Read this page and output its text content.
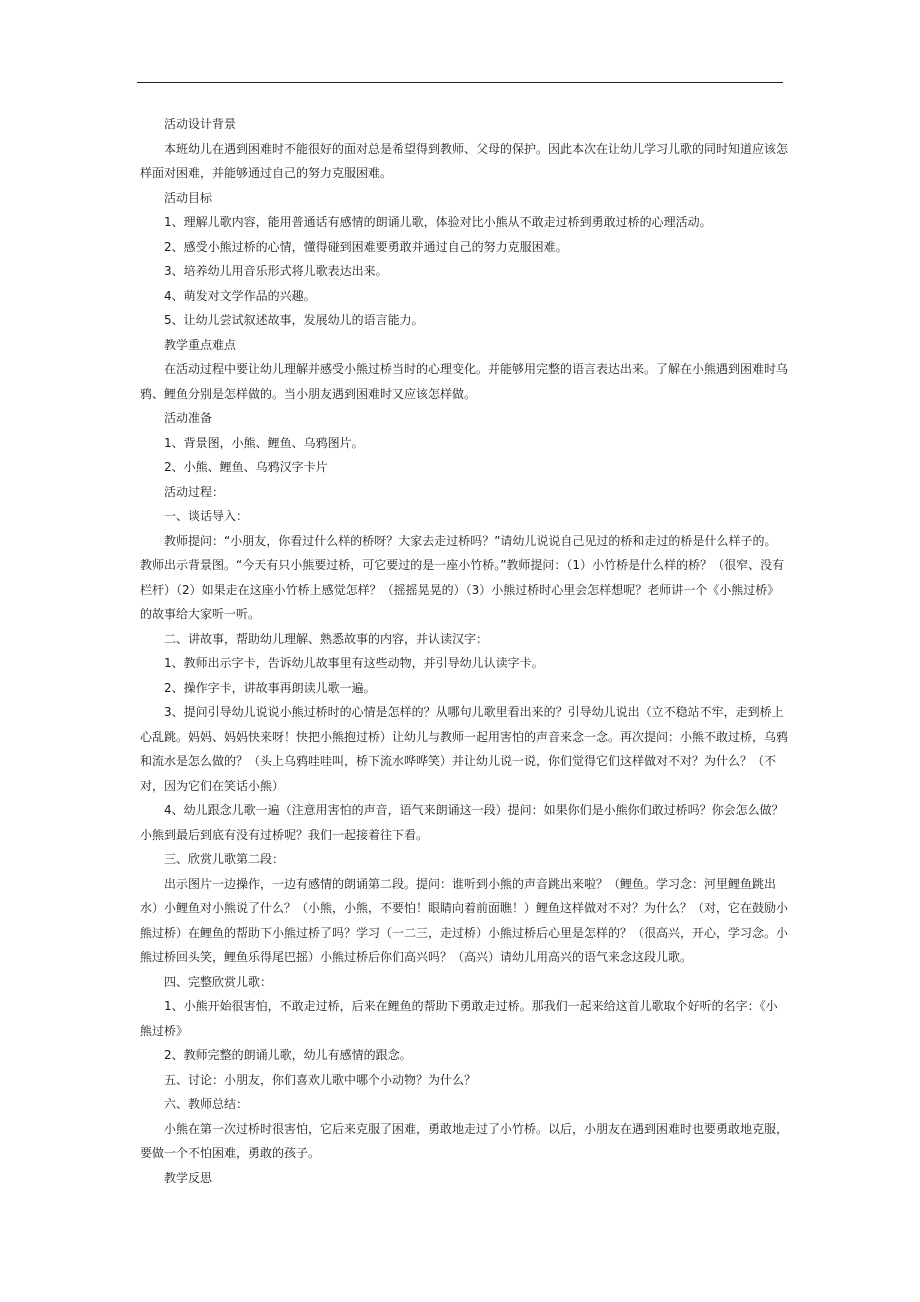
活动设计背景

本班幼儿在遇到困难时不能很好的面对总是希望得到教师、父母的保护。因此本次在让幼儿学习儿歌的同时知道应该怎样面对困难，并能够通过自己的努力克服困难。

活动目标

1、理解儿歌内容，能用普通话有感情的朗诵儿歌，体验对比小熊从不敢走过桥到勇敢过桥的心理活动。

2、感受小熊过桥的心情，懂得碰到困难要勇敢并通过自己的努力克服困难。

3、培养幼儿用音乐形式将儿歌表达出来。

4、萌发对文学作品的兴趣。

5、让幼儿尝试叙述故事，发展幼儿的语言能力。

教学重点难点

在活动过程中要让幼儿理解并感受小熊过桥当时的心理变化。并能够用完整的语言表达出来。了解在小熊遇到困难时乌鸦、鲤鱼分别是怎样做的。当小朋友遇到困难时又应该怎样做。

活动准备

1、背景图，小熊、鲤鱼、乌鸦图片。

2、小熊、鲤鱼、乌鸦汉字卡片

活动过程：

一、谈话导入：

教师提问：“小朋友，你看过什么样的桥呀？大家去走过桥吗？”请幼儿说说自己见过的桥和走过的桥是什么样子的。教师出示背景图。“今天有只小熊要过桥，可它要过的是一座小竹桥。”教师提问：（1）小竹桥是什么样的桥？（很窄、没有栏杆）（2）如果走在这座小竹桥上感觉怎样？（摇摇晃晃的）（3）小熊过桥时心里会怎样想呢？老师讲一个《小熊过桥》的故事给大家听一听。

二、讲故事，帮助幼儿理解、熟悉故事的内容，并认读汉字：

1、教师出示字卡，告诉幼儿故事里有这些动物，并引导幼儿认读字卡。

2、操作字卡，讲故事再朗读儿歌一遍。

3、提问引导幼儿说说小熊过桥时的心情是怎样的？从哪句儿歌里看出来的？引导幼儿说出（立不稳站不牢，走到桥上心乱跳。妈妈、妈妈快来呀！快把小熊抱过桥）让幼儿与教师一起用害怕的声音来念一念。再次提问：小熊不敢过桥，乌鸦和流水是怎么做的？（头上乌鸦哇哇叫，桥下流水哗哗笑）并让幼儿说一说，你们觉得它们这样做对不对？为什么？（不对，因为它们在笑话小熊）

4、幼儿跟念儿歌一遍（注意用害怕的声音，语气来朗诵这一段）提问：如果你们是小熊你们敢过桥吗？你会怎么做？小熊到最后到底有没有过桥呢？我们一起接着往下看。

三、欣赏儿歌第二段：

出示图片一边操作，一边有感情的朗诵第二段。提问：谁听到小熊的声音跳出来啦？（鲤鱼。学习念：河里鲤鱼跳出水）小鲤鱼对小熊说了什么？（小熊，小熊，不要怕！眼睛向着前面瞧！）鲤鱼这样做对不对？为什么？（对，它在鼓励小熊过桥）在鲤鱼的帮助下小熊过桥了吗？学习（一二三，走过桥）小熊过桥后心里是怎样的？（很高兴，开心，学习念。小熊过桥回头笑，鲤鱼乐得尾巴摇）小熊过桥后你们高兴吗？（高兴）请幼儿用高兴的语气来念这段儿歌。

四、完整欣赏儿歌：

1、小熊开始很害怕，不敢走过桥，后来在鲤鱼的帮助下勇敢走过桥。那我们一起来给这首儿歌取个好听的名字：《小熊过桥》

2、教师完整的朗诵儿歌，幼儿有感情的跟念。

五、讨论：小朋友，你们喜欢儿歌中哪个小动物？为什么？

六、教师总结：

小熊在第一次过桥时很害怕，它后来克服了困难，勇敢地走过了小竹桥。以后，小朋友在遇到困难时也要勇敢地克服，要做一个不怕困难，勇敢的孩子。

教学反思
